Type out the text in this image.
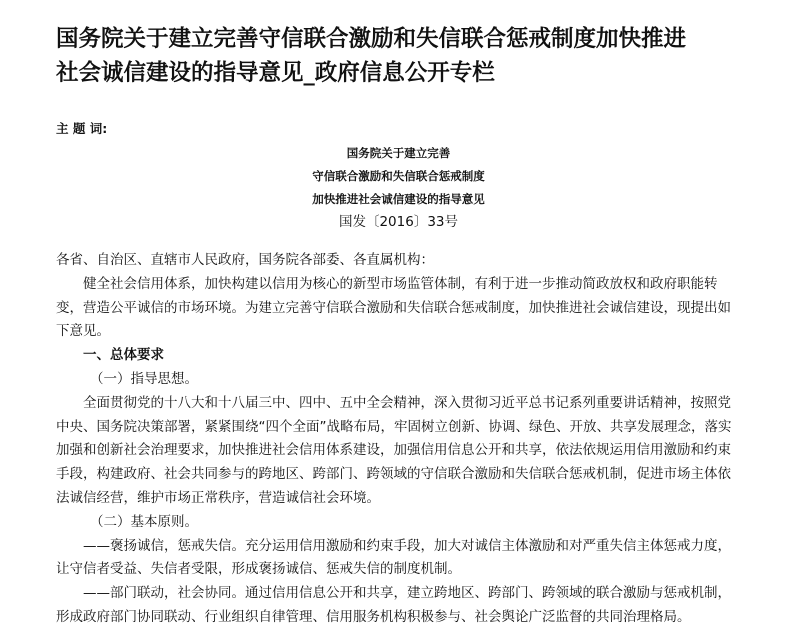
国务院关于建立完善守信联合激励和失信联合惩戒制度加快推进
社会诚信建设的指导意见_政府信息公开专栏
主 题 词:
国务院关于建立完善
守信联合激励和失信联合惩戒制度
加快推进社会诚信建设的指导意见
国发〔2016〕33号

各省、自治区、直辖市人民政府，国务院各部委、各直属机构：

健全社会信用体系，加快构建以信用为核心的新型市场监管体制，有利于进一步推动简政放权和政府职能转变，营造公平诚信的市场环境。为建立完善守信联合激励和失信联合惩戒制度，加快推进社会诚信建设，现提出如下意见。

一、总体要求

（一）指导思想。

全面贯彻党的十八大和十八届三中、四中、五中全会精神，深入贯彻习近平总书记系列重要讲话精神，按照党中央、国务院决策部署，紧紧围绕“四个全面”战略布局，牢固树立创新、协调、绿色、开放、共享发展理念，落实加强和创新社会治理要求，加快推进社会信用体系建设，加强信用信息公开和共享，依法依规运用信用激励和约束手段，构建政府、社会共同参与的跨地区、跨部门、跨领域的守信联合激励和失信联合惩戒机制，促进市场主体依法诚信经营，维护市场正常秩序，营造诚信社会环境。

（二）基本原则。

——褒扬诚信，惩戒失信。充分运用信用激励和约束手段，加大对诚信主体激励和对严重失信主体惩戒力度，让守信者受益、失信者受限，形成褒扬诚信、惩戒失信的制度机制。

——部门联动，社会协同。通过信用信息公开和共享，建立跨地区、跨部门、跨领域的联合激励与惩戒机制，形成政府部门协同联动、行业组织自律管理、信用服务机构积极参与、社会舆论广泛监督的共同治理格局。
